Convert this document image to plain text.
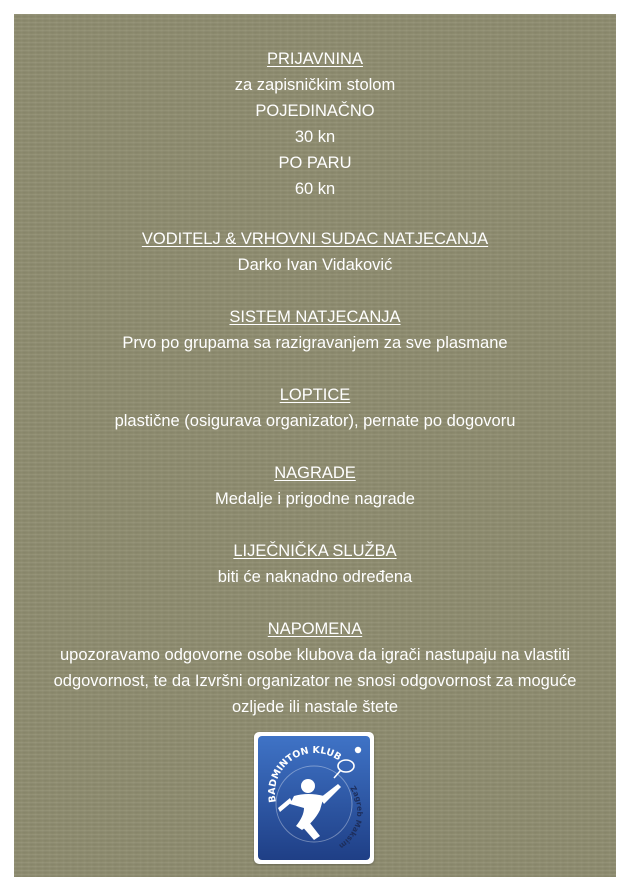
PRIJAVNINA
za zapisničkim stolom
POJEDINAČNO
30 kn
PO PARU
60 kn
VODITELJ & VRHOVNI SUDAC NATJECANJA
Darko Ivan Vidaković
SISTEM NATJECANJA
Prvo po grupama sa razigravanjem za sve plasmane
LOPTICE
plastične (osigurava organizator), pernate po dogovoru
NAGRADE
Medalje i prigodne nagrade
LIJEČNIČKA SLUŽBA
biti će naknadno određena
NAPOMENA
upozoravamo odgovorne osobe klubova da igrači nastupaju na vlastiti odgovornost, te da Izvršni organizator ne snosi odgovornost za moguće ozljede ili nastale štete
BADMINTON KLUB
Zagreb Maksim
